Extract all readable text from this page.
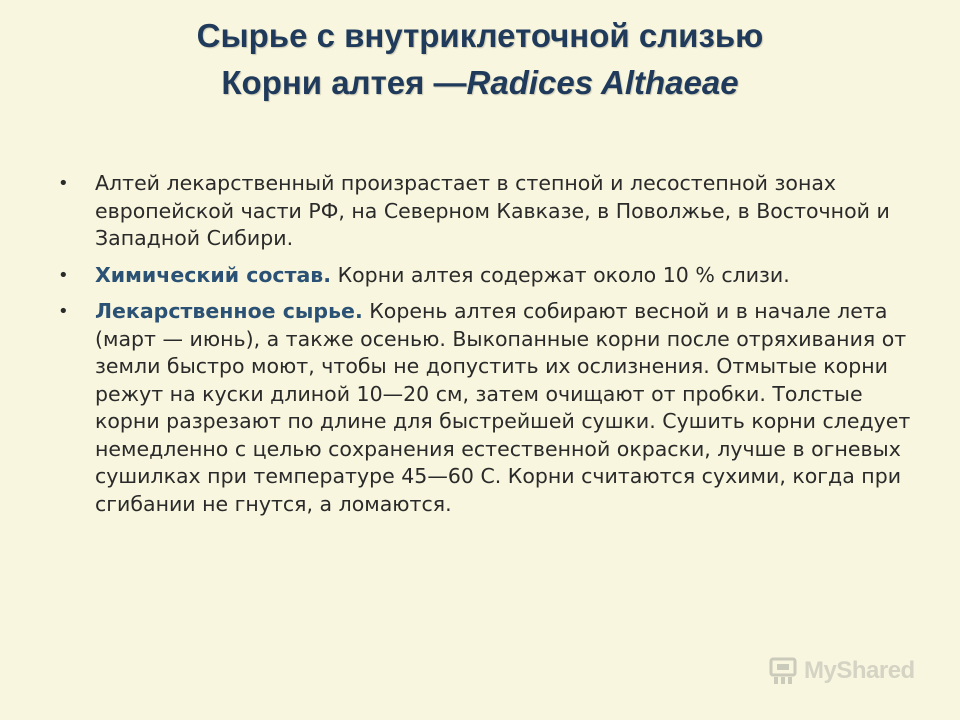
Сырье с внутриклеточной слизью
Корни алтея —Radices Althaeae
• Алтей лекарственный произрастает в степной и лесостепной зонах европейской части РФ, на Северном Кавказе, в Поволжье, в Восточной и Западной Сибири.
• Химический состав. Корни алтея содержат около 10 % слизи.
• Лекарственное сырье. Корень алтея собирают весной и в начале лета (март — июнь), а также осенью. Выкопанные корни после отряхивания от земли быстро моют, чтобы не допустить их ослизнения. Отмытые корни режут на куски длиной 10—20 см, затем очищают от пробки. Толстые корни разрезают по длине для быстрейшей сушки. Сушить корни следует немедленно с целью сохранения естественной окраски, лучше в огневых сушилках при температуре 45—60 С. Корни считаются сухими, когда при сгибании не гнутся, а ломаются.
MyShared
